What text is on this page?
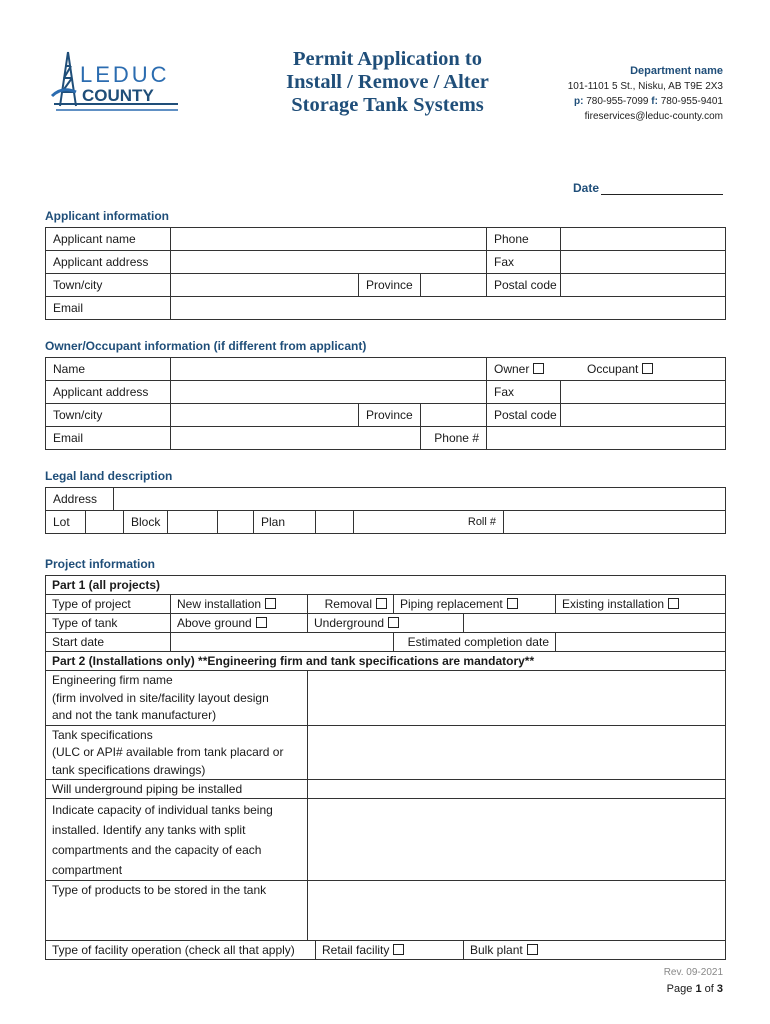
LEDUC
COUNTY
Permit Application to
Install / Remove / Alter
Storage Tank Systems
Department name
101-1101 5 St., Nisku, AB T9E 2X3
p: 780-955-7099 f: 780-955-9401
fireservices@leduc-county.com
Date
Applicant information
Applicant name				Phone	
Applicant address				Fax	
Town/city		Province		Postal code	
Email					
Owner/Occupant information (if different from applicant)
Name				Owner Occupant	
Applicant address				Fax	
Town/city		Province		Postal code	
Email			Phone #		
Legal land description
Address									
Lot			Block			Plan		Roll #	
Project information
Part 1 (all projects)						
Type of project	New installation	Removal		Piping replacement		Existing installation
Type of tank	Above ground	Underground				
Start date				Estimated completion date		
Part 2 (Installations only) **Engineering firm and tank specifications are mandatory**						

Engineering firm name
(firm involved in site/facility layout design
and not the tank manufacturer)						

Tank specifications
(ULC or API# available from tank placard or
tank specifications drawings)						

Will underground piping be installed						

Indicate capacity of individual tanks being
installed. Identify any tanks with split
compartments and the capacity of each
compartment						

Type of products to be stored in the tank						
Type of facility operation (check all that apply)			Retail facility		Bulk plant	
Rev. 09-2021
Page 1 of 3
